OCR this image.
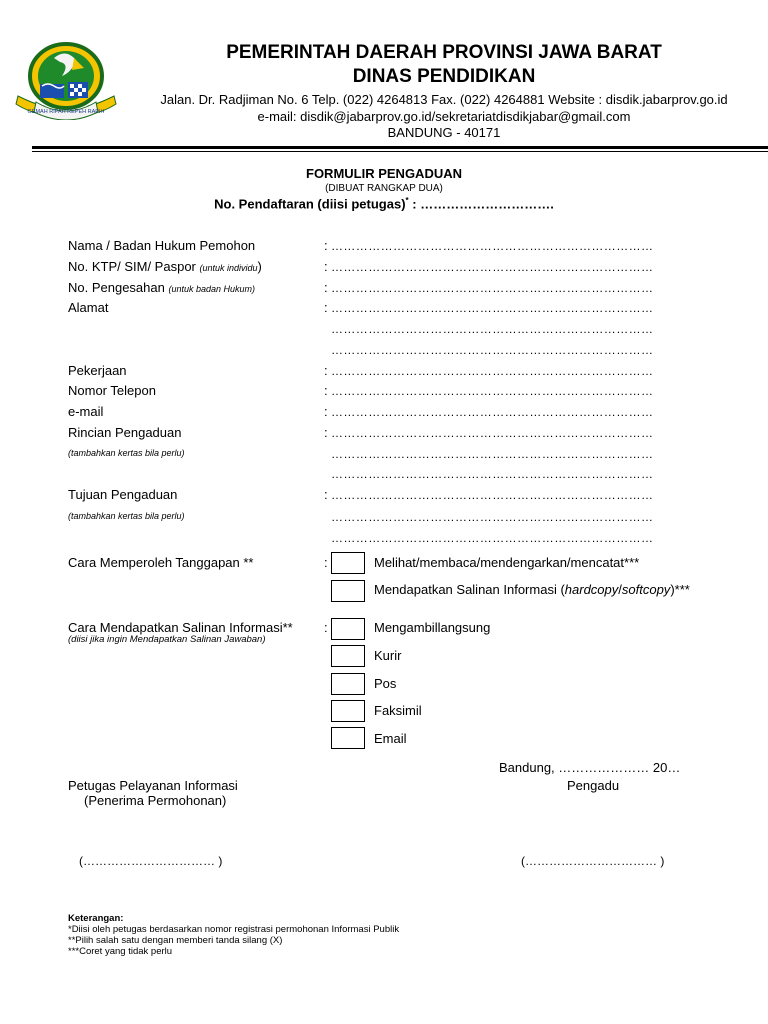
GEMAH RIPAH REPEH RAPIH
PEMERINTAH DAERAH PROVINSI JAWA BARAT
DINAS PENDIDIKAN
Jalan. Dr. Radjiman No. 6 Telp. (022) 4264813 Fax. (022) 4264881 Website : disdik.jabarprov.go.id
e-mail: disdik@jabarprov.go.id/sekretariatdisdikjabar@gmail.com
BANDUNG - 40171
FORMULIR PENGADUAN
(DIBUAT RANGKAP DUA)
No. Pendaftaran (diisi petugas)* : ………………………….
Nama / Badan Hukum Pemohon	: ……………………………………………………………………
No. KTP/ SIM/ Paspor (untuk individu)	: ……………………………………………………………………
No. Pengesahan (untuk badan Hukum)	: ……………………………………………………………………
Alamat	: ……………………………………………………………………
……………………………………………………………………
……………………………………………………………………
Pekerjaan	: ……………………………………………………………………
Nomor Telepon	: ……………………………………………………………………
e-mail	: ……………………………………………………………………
Rincian Pengaduan	: ……………………………………………………………………
(tambahkan kertas bila perlu)	……………………………………………………………………
……………………………………………………………………
Tujuan Pengaduan	: ……………………………………………………………………
(tambahkan kertas bila perlu)	……………………………………………………………………
……………………………………………………………………
Cara Memperoleh Tanggapan **	:	Melihat/membaca/mendengarkan/mencatat***
Mendapatkan Salinan Informasi (hardcopy/softcopy)***
Cara Mendapatkan Salinan Informasi**
(diisi jika ingin Mendapatkan Salinan Jawaban)
:	Mengambillangsung
Kurir
Pos
Faksimil
Email
Bandung, ………………… 20…
Petugas Pelayanan Informasi
(Penerima Permohonan)
Pengadu
(…………………………… )	(…………………………… )
Keterangan:
*Diisi oleh petugas berdasarkan nomor registrasi permohonan Informasi Publik
**Pilih salah satu dengan memberi tanda silang (X)
***Coret yang tidak perlu
